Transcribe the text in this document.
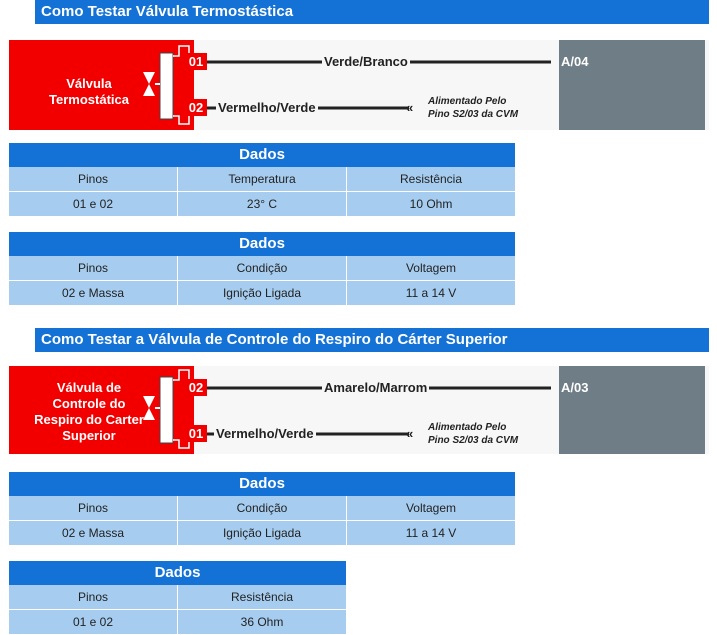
Como Testar Válvula Termostástica
Válvula
Termostática
01
02
Verde/Branco
Vermelho/Verde	« Alimentado Pelo
Pino S2/03 da CVM
A/04
Dados
Pinos	Temperatura	Resistência
01 e 02	23° C	10 Ohm
Dados
Pinos	Condição	Voltagem
02 e Massa	Ignição Ligada	11 a 14 V
Como Testar a Válvula de Controle do Respiro do Cárter Superior
Válvula de
Controle do
Respiro do Carter
Superior
02
01
Amarelo/Marrom
Vermelho/Verde	« Alimentado Pelo
Pino S2/03 da CVM
A/03
Dados
Pinos	Condição	Voltagem
02 e Massa	Ignição Ligada	11 a 14 V
Dados
Pinos	Resistência
01 e 02	36 Ohm
